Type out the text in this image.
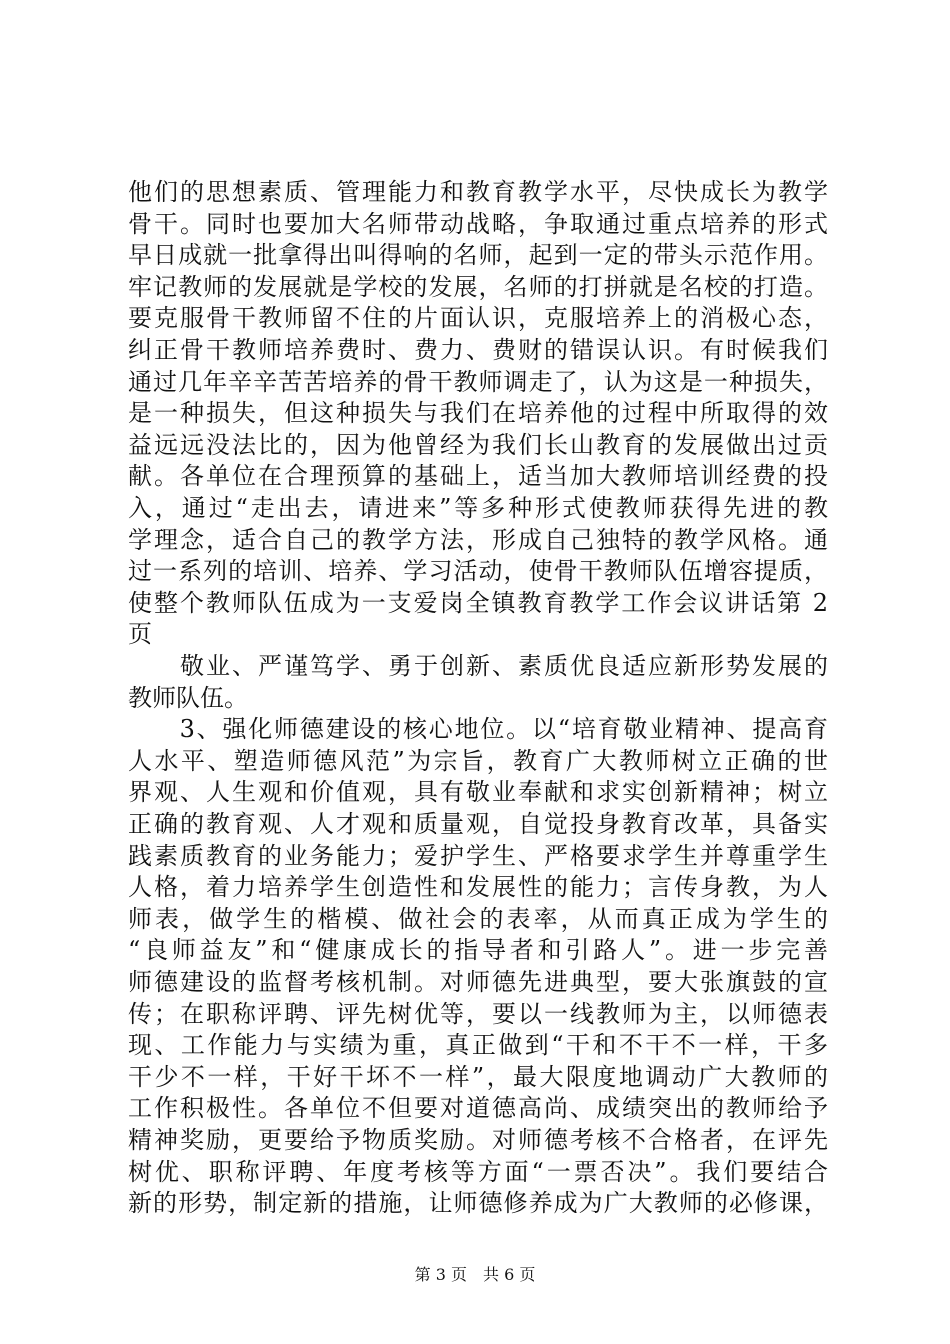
他们的思想素质、管理能力和教育教学水平，尽快成长为教学
骨干。同时也要加大名师带动战略，争取通过重点培养的形式
早日成就一批拿得出叫得响的名师，起到一定的带头示范作用。
牢记教师的发展就是学校的发展，名师的打拼就是名校的打造。
要克服骨干教师留不住的片面认识，克服培养上的消极心态，
纠正骨干教师培养费时、费力、费财的错误认识。有时候我们
通过几年辛辛苦苦培养的骨干教师调走了，认为这是一种损失，
是一种损失，但这种损失与我们在培养他的过程中所取得的效
益远远没法比的，因为他曾经为我们长山教育的发展做出过贡
献。各单位在合理预算的基础上，适当加大教师培训经费的投
入，通过“走出去，请进来”等多种形式使教师获得先进的教
学理念，适合自己的教学方法，形成自己独特的教学风格。通
过一系列的培训、培养、学习活动，使骨干教师队伍增容提质，
使整个教师队伍成为一支爱岗全镇教育教学工作会议讲话第 2
页
　　敬业、严谨笃学、勇于创新、素质优良适应新形势发展的
教师队伍。
　　3、强化师德建设的核心地位。以“培育敬业精神、提高育
人水平、塑造师德风范”为宗旨，教育广大教师树立正确的世
界观、人生观和价值观，具有敬业奉献和求实创新精神；树立
正确的教育观、人才观和质量观，自觉投身教育改革，具备实
践素质教育的业务能力；爱护学生、严格要求学生并尊重学生
人格，着力培养学生创造性和发展性的能力；言传身教，为人
师表，做学生的楷模、做社会的表率，从而真正成为学生的
“良师益友”和“健康成长的指导者和引路人”。进一步完善
师德建设的监督考核机制。对师德先进典型，要大张旗鼓的宣
传；在职称评聘、评先树优等，要以一线教师为主，以师德表
现、工作能力与实绩为重，真正做到“干和不干不一样，干多
干少不一样，干好干坏不一样”，最大限度地调动广大教师的
工作积极性。各单位不但要对道德高尚、成绩突出的教师给予
精神奖励，更要给予物质奖励。对师德考核不合格者，在评先
树优、职称评聘、年度考核等方面“一票否决”。我们要结合
新的形势，制定新的措施，让师德修养成为广大教师的必修课，
第 3 页　共 6 页
